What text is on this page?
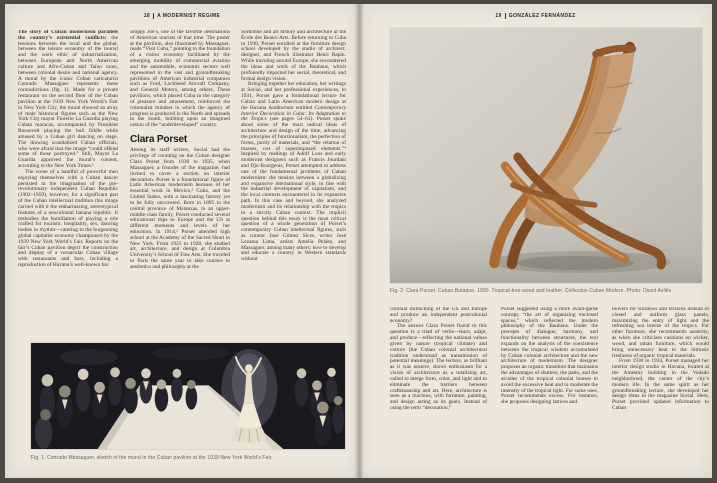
18 A MODERNIST REGIME

The story of Cuban modernism parallels the country’s existential conflicts: the tensions between the local and the global, between the leisure economy of the tourist and the work ethic of industrialization, between European and North American culture and Afro-Cuban and Taíno roots, between colonial desire and national agency. A mural by the iconic Cuban caricaturist Conrado Massaguer represents these contradictions (fig. 1). Made for a private restaurant on the second floor of the Cuban pavilion at the 1939 New York World’s Fair in New York City, the mural showed an array of male historical figures such as the New York City mayor Fiorello La Guardia playing Cuban maracas, accompanied by President Roosevelt playing the bull fiddle while amused by a Cuban girl dancing on stage. The drawing scandalized Cuban officials, who were afraid that the image “could offend some of those portrayed.” Still, Mayor La Guardia approved the mural’s content, according to the New York Times.¹

The scene of a handful of powerful men enjoying themselves with a Cuban dancer persisted in the imagination of the pre-revolutionary independent Cuban Republic (1902–1959), however, for a significant part of the Cuban intellectual tradition this image carried with it the embarrassing, stereotypical features of a neocolonial banana republic. It embodies the humiliation of playing a role crafted for tourism: hospitality, sex, dancing bodies in rhythm—catering to the burgeoning global capitalist economy championed by the 1939 New York World’s Fair. Reports on the fair’s Cuban pavilion depict the construction and display of a vernacular Cuban village with restaurants and bars, including a reproduction of Havana’s well-known bar

Sloppy Joe’s, one of the favorite destinations of American tourists of that time. The poster at the pavilion, also illustrated by Massaguer, reads “Visit Cuba,” pointing to the foundation of a visitor economy facilitated by the emerging mobility of commercial aviation and the automobile, economic sectors well represented in the vast and groundbreaking pavilions of American industrial companies such as Ford, Lockheed Aircraft Company, and General Motors, among others. These pavilions, which placed Cuba in the category of pleasure and amusement, reinforced the colonialist mindset in which the agency of progress is produced in the North and spreads to the South, building upon an imagined notion of the “underdeveloped” country.

Clara Porset

Among its staff writers, Social had the privilege of counting on the Cuban designer Clara Porset from 1930 to 1935, when Massaguer, a founder of the magazine, had invited to cover a section on interior decoration. Porset is a foundational figure of Latin American modernism because of her essential work in Mexico,² Cuba, and the United States, with a fascinating history yet to be fully uncovered. Born in 1895 in the central province of Matanzas, to an upper-middle-class family, Porset conducted several educational trips to Europe and the US at different moments and levels of her education. In 1914,³ Porset attended high school at the Academy of the Sacred Heart in New York. From 1925 to 1928, she studied art, architecture, and design at Columbia University’s School of Fine Arts. She traveled to Paris the same year to take courses in aesthetics and philosophy at the

Sorbonne and art history and architecture at the École des Beaux-Arts. Before returning to Cuba in 1930, Porset enrolled at the furniture design school developed by the studio of architect, designer, and French illustrator Henri Rapin. While traveling around Europe, she encountered the ideas and work of the Bauhaus, which profoundly impacted her social, theoretical, and formal design vision.

Bringing together her education, her writings at Social, and her professional experiences, in 1931, Porset gave a foundational lecture for Cuban and Latin American modern design at the Havana Auditorium entitled Contemporary Interior Decoration in Cuba: Its Adaptation to the Tropics (see pages 54–61). Porset spoke about some of the most radical ideas of architecture and design of the time, advancing the principles of functionalism, the perfection of forms, purity of materials, and “the relation of masses, not of superimposed elements.”⁴ Inspired by readings of Adolf Loos and early modernist designers such as Francis Jourdain and Djo-Bourgeois, Porset attempted to address one of the fundamental problems of Cuban modernism: the tension between a globalizing and expansive international style, in line with the industrial development of capitalism, and the local contexts encountered in its expansive path. In this case and beyond, she analyzed modernism and its relationship with the tropics in a strictly Cuban context. The implicit question behind this essay is the most critical question of a whole generation of Porset’s contemporary Cuban intellectual figures, such as curator José Gómez Sicre, writer José Lezama Lima, artists Amelia Peláez, and Massaguer, among many others: how to develop and educate a country in Western standards without

Fig. 1. Conrado Massaguer, sketch of the mural in the Cuban pavilion at the 1939 New York World’s Fair.
19 GONZÁLEZ FERNÁNDEZ
Fig. 2. Clara Porset, Cuban Butaque, 1990. Tropical-tree wood and leather. Collection Cuban Modern. Photo: David Avilés

colonial mimicking of the US and Europe and produce an independent postcolonial economy?

The answer Clara Porset found to this question is a triad of verbs—learn, adapt, and produce—reflecting the national values given by nature (tropical climate) and culture (the Cuban colonial architectural tradition understood as transmission of potential meanings). The lecture, as brilliant as it was austere, shows enthusiasm for a vision of architecture as a totalizing art, called to merge form, color, and light and to eliminate the barriers between craftsmanship and art. Here, architecture is seen as a machine, with furniture, painting, and design acting as its gears. Instead of using the term “decoration,”

Porset suggested using a more avant-garde concept, “the art of organizing enclosed spaces,” which reflected the modern philosophy of the Bauhaus. Under the precepts of dialogue, harmony, and functionality between structures, the text expands on the analysis of the coexistence between the tropical wisdom accumulated by Cuban colonial architecture and the new architecture of modernism. The designer proposes an organic transition that maintains the advantages of shutters, the patio, and the arcades of the tropical colonial houses to avoid the excessive heat and to moderate the intensity of the tropical light. For some uses, Porset recommends excess. For instance, she proposes designing lattices and

louvers for windows and terraces instead of closed and uniform glass panels, maximizing the entry of light and the refreshing sea breeze of the tropics. For other furniture, she recommends austerity, as when she criticizes cushions on wicker, wood, and rattan furniture, which would bring unnecessary heat to the intrinsic freshness of organic tropical materials.

From 1930 to 1934, Porset managed her interior design studio in Havana, located at the Amestoy building in the Vedado neighborhood, the center of the city’s modern life. In the same spirit as her groundbreaking lecture, she developed her design ideas in the magazine Social. Here, Porset provided updated information to Cuban
